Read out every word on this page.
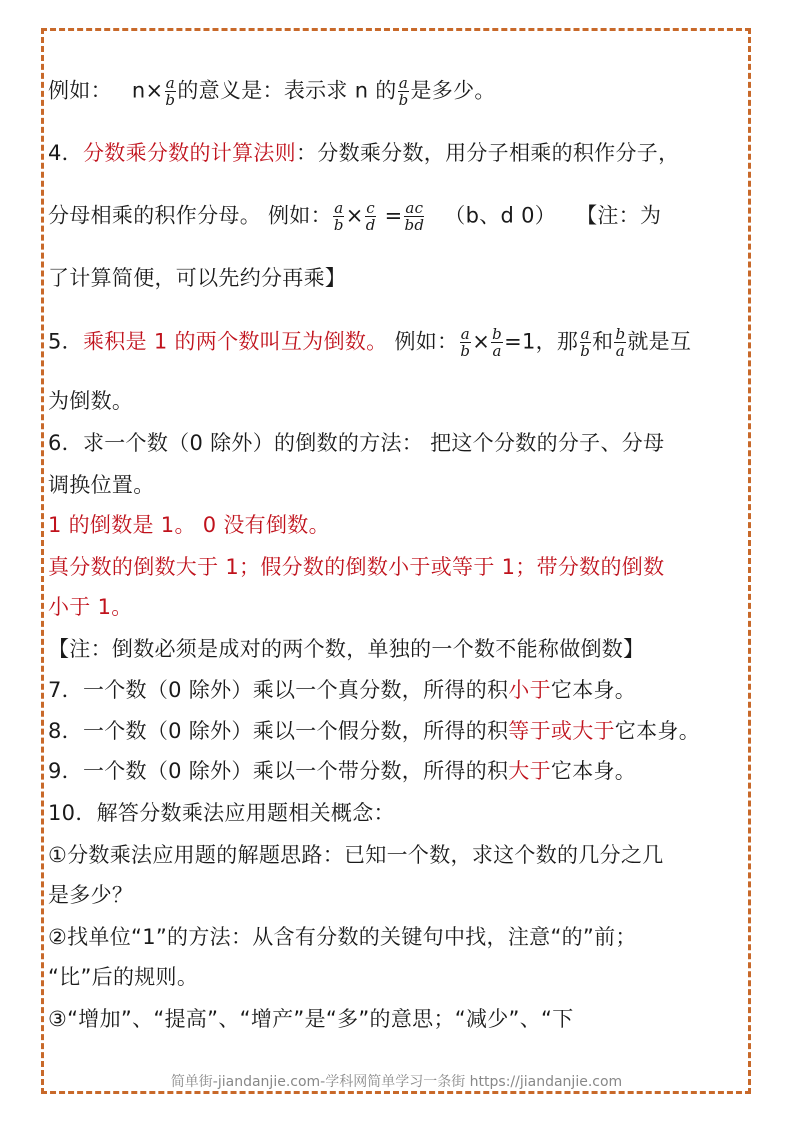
例如： $n\times \frac{a}{b}$ 的意义是：表示求 n 的 $\frac{a}{b}$ 是多少。
4．分数乘分数的计算法则：分数乘分数，用分子相乘的积作分子，
分母相乘的积作分母。 例如： $\frac{a}{b} \times \frac{c}{d} = \frac{ac}{bd} (b$、d 0） 【注：为
了计算简便，可以先约分再乘】
5．乘积是 1 的两个数叫互为倒数。 例如： $\frac{a}{b} \times \frac{b}{a} =1$，那 $\frac{a}{b}$ 和 $\frac{b}{a}$ 就是互
为倒数。
6．求一个数（0 除外）的倒数的方法： 把这个分数的分子、分母
调换位置。
1 的倒数是 1。 0 没有倒数。
真分数的倒数大于 1；假分数的倒数小于或等于 1；带分数的倒数
小于 1。
【注：倒数必须是成对的两个数，单独的一个数不能称做倒数】
7．一个数（0 除外）乘以一个真分数，所得的积小于它本身。
8．一个数（0 除外）乘以一个假分数，所得的积等于或大于它本身。
9．一个数（0 除外）乘以一个带分数，所得的积大于它本身。
10．解答分数乘法应用题相关概念：
①分数乘法应用题的解题思路：已知一个数，求这个数的几分之几
是多少？
②找单位“1”的方法：从含有分数的关键句中找，注意“的”前；
“比”后的规则。
③“增加”、“提高”、“增产”是“多”的意思；“减少”、“下
简单街-jiandanjie.com-学科网简单学习一条街 https://jiandanjie.com
